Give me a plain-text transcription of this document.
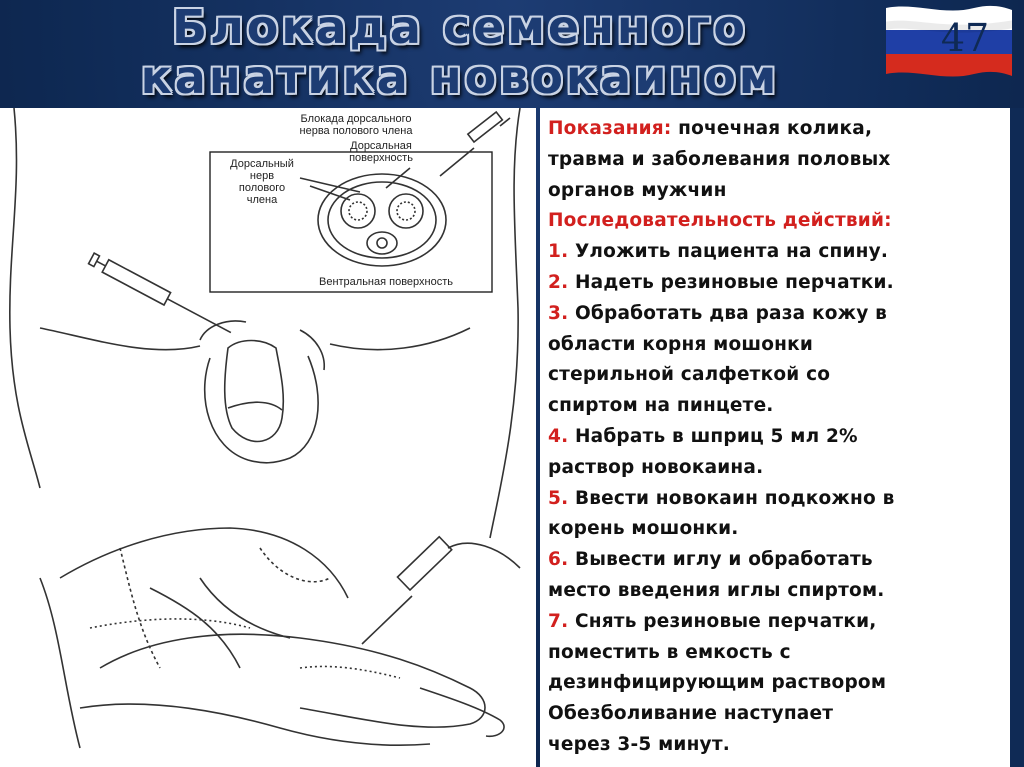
Блокада семенного
канатика новокаином
47
Блокада дорсального
нерва полового члена
Дорсальная
поверхность
Дорсальный
нерв
полового
члена
Вентральная поверхность
Показания: почечная колика,
травма и заболевания половых
органов мужчин
Последовательность действий:
1. Уложить пациента на спину.
2. Надеть резиновые перчатки.
3. Обработать два раза кожу в
области корня мошонки
стерильной салфеткой со
спиртом на пинцете.
4. Набрать в шприц 5 мл 2%
раствор новокаина.
5. Ввести новокаин подкожно в
корень мошонки.
6. Вывести иглу и обработать
место введения иглы спиртом.
7. Снять резиновые перчатки,
поместить в емкость с
дезинфицирующим раствором
Обезболивание наступает
через 3-5 минут.
